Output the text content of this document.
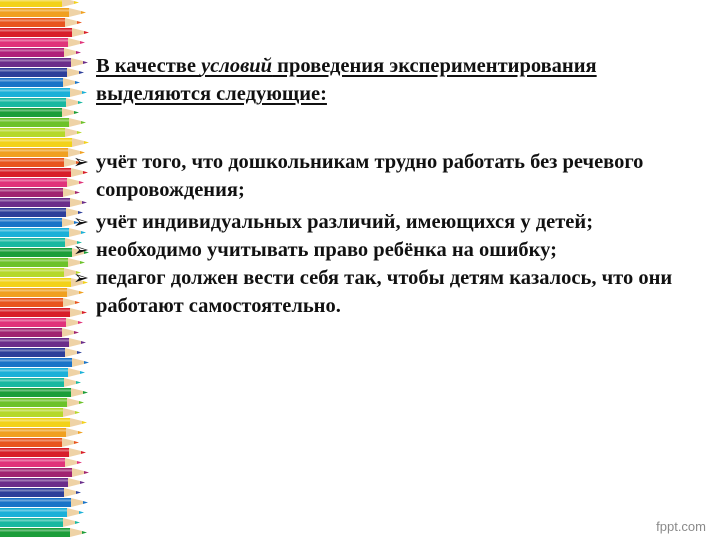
В качестве условий проведения экспериментирования выделяются следующие:

➢ учёт того, что дошкольникам трудно работать без речевого сопровождения;
➢ учёт индивидуальных различий, имеющихся у детей;
➢ необходимо учитывать право ребёнка на ошибку;
➢ педагог должен вести себя так, чтобы детям казалось, что они работают самостоятельно.
fppt.com
